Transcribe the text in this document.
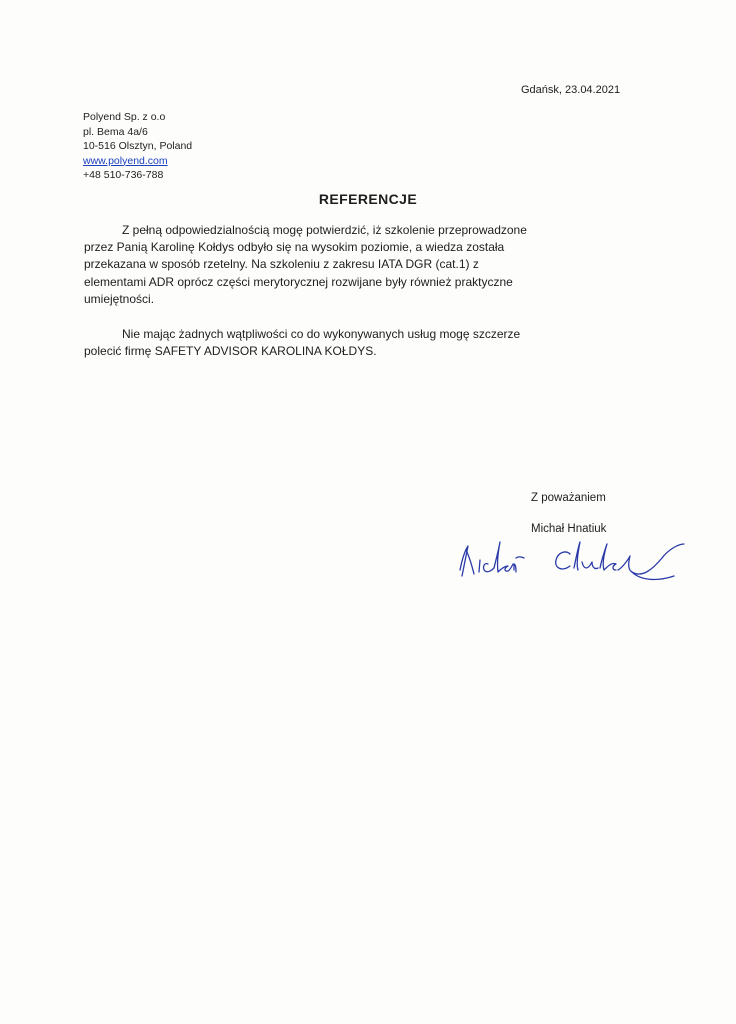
Gdańsk, 23.04.2021
Polyend Sp. z o.o
pl. Bema 4a/6
10-516 Olsztyn, Poland
www.polyend.com
+48 510-736-788
REFERENCJE
Z pełną odpowiedzialnością mogę potwierdzić, iż szkolenie przeprowadzone
przez Panią Karolinę Kołdys odbyło się na wysokim poziomie, a wiedza została
przekazana w sposób rzetelny. Na szkoleniu z zakresu IATA DGR (cat.1) z
elementami ADR oprócz części merytorycznej rozwijane były również praktyczne
umiejętności.
Nie mając żadnych wątpliwości co do wykonywanych usług mogę szczerze
polecić firmę SAFETY ADVISOR KAROLINA KOŁDYS.
Z poważaniem
Michał Hnatiuk
